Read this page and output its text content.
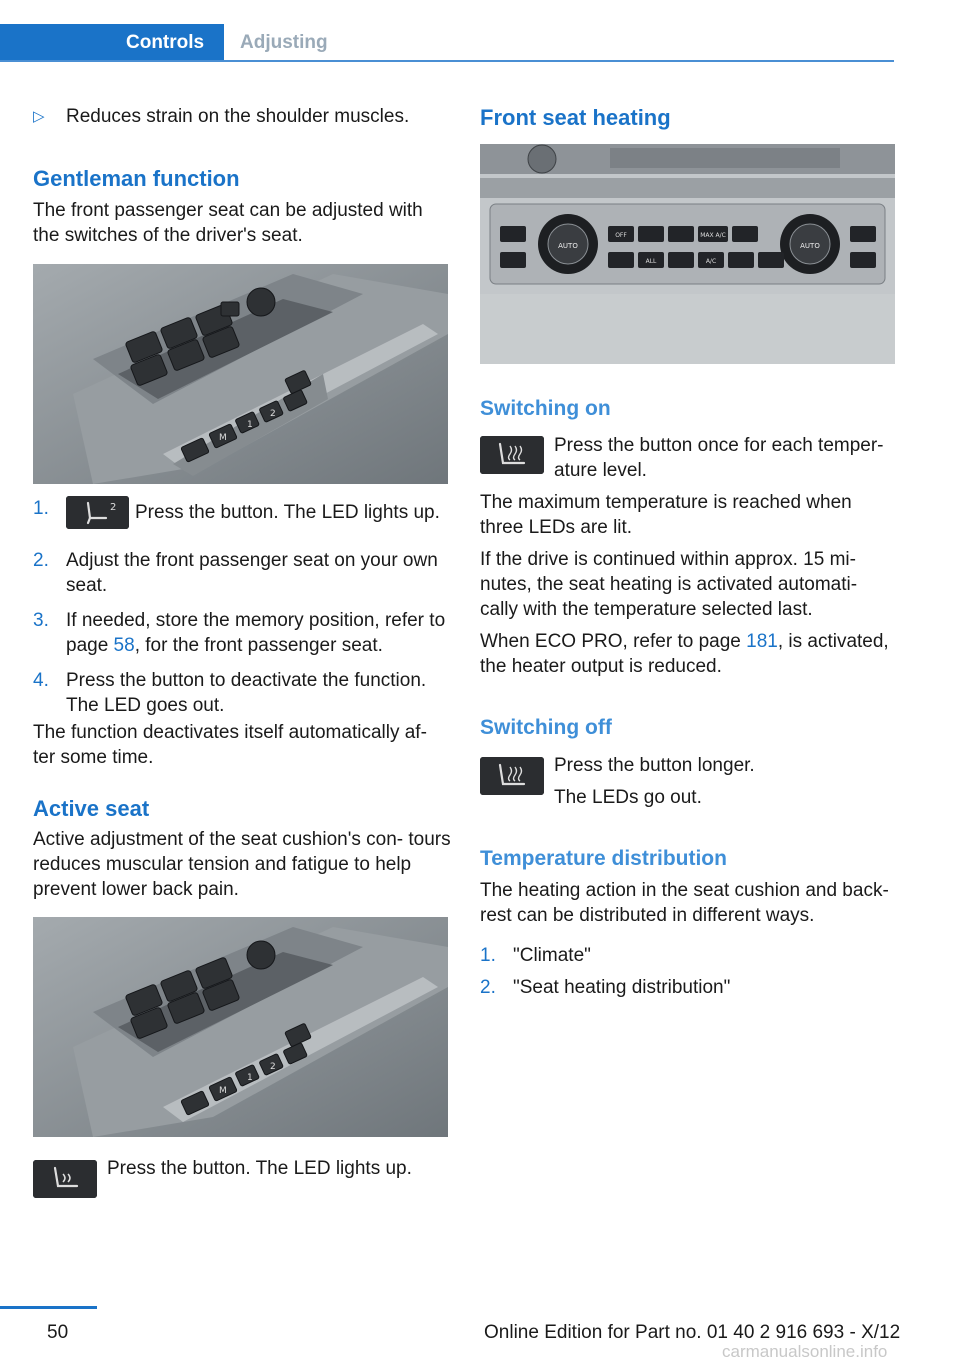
Controls	Adjusting
▷ Reduces strain on the shoulder muscles.
Gentleman function
The front passenger seat can be adjusted with the switches of the driver's seat.
M
1
2
1.	2 Press the button. The LED lights up.
2. Adjust the front passenger seat on your own seat.
3. If needed, store the memory position, refer to page 58, for the front passenger seat.
4. Press the button to deactivate the function. The LED goes out.
The function deactivates itself automatically af‐ ter some time.
Active seat
Active adjustment of the seat cushion's con‐ tours reduces muscular tension and fatigue to help prevent lower back pain.
M
1
2
Press the button. The LED lights up.
Front seat heating
AUTO	AUTO
OFF	MAX A/C
ALL	A/C
Switching on
Press the button once for each temper‐ ature level.
The maximum temperature is reached when three LEDs are lit.
If the drive is continued within approx. 15 mi‐ nutes, the seat heating is activated automati‐ cally with the temperature selected last.
When ECO PRO, refer to page 181, is activated, the heater output is reduced.
Switching off
Press the button longer.
The LEDs go out.
Temperature distribution
The heating action in the seat cushion and back‐ rest can be distributed in different ways.
1. "Climate"
2. "Seat heating distribution"
50	Online Edition for Part no. 01 40 2 916 693 - X/12
carmanualsonline.info
